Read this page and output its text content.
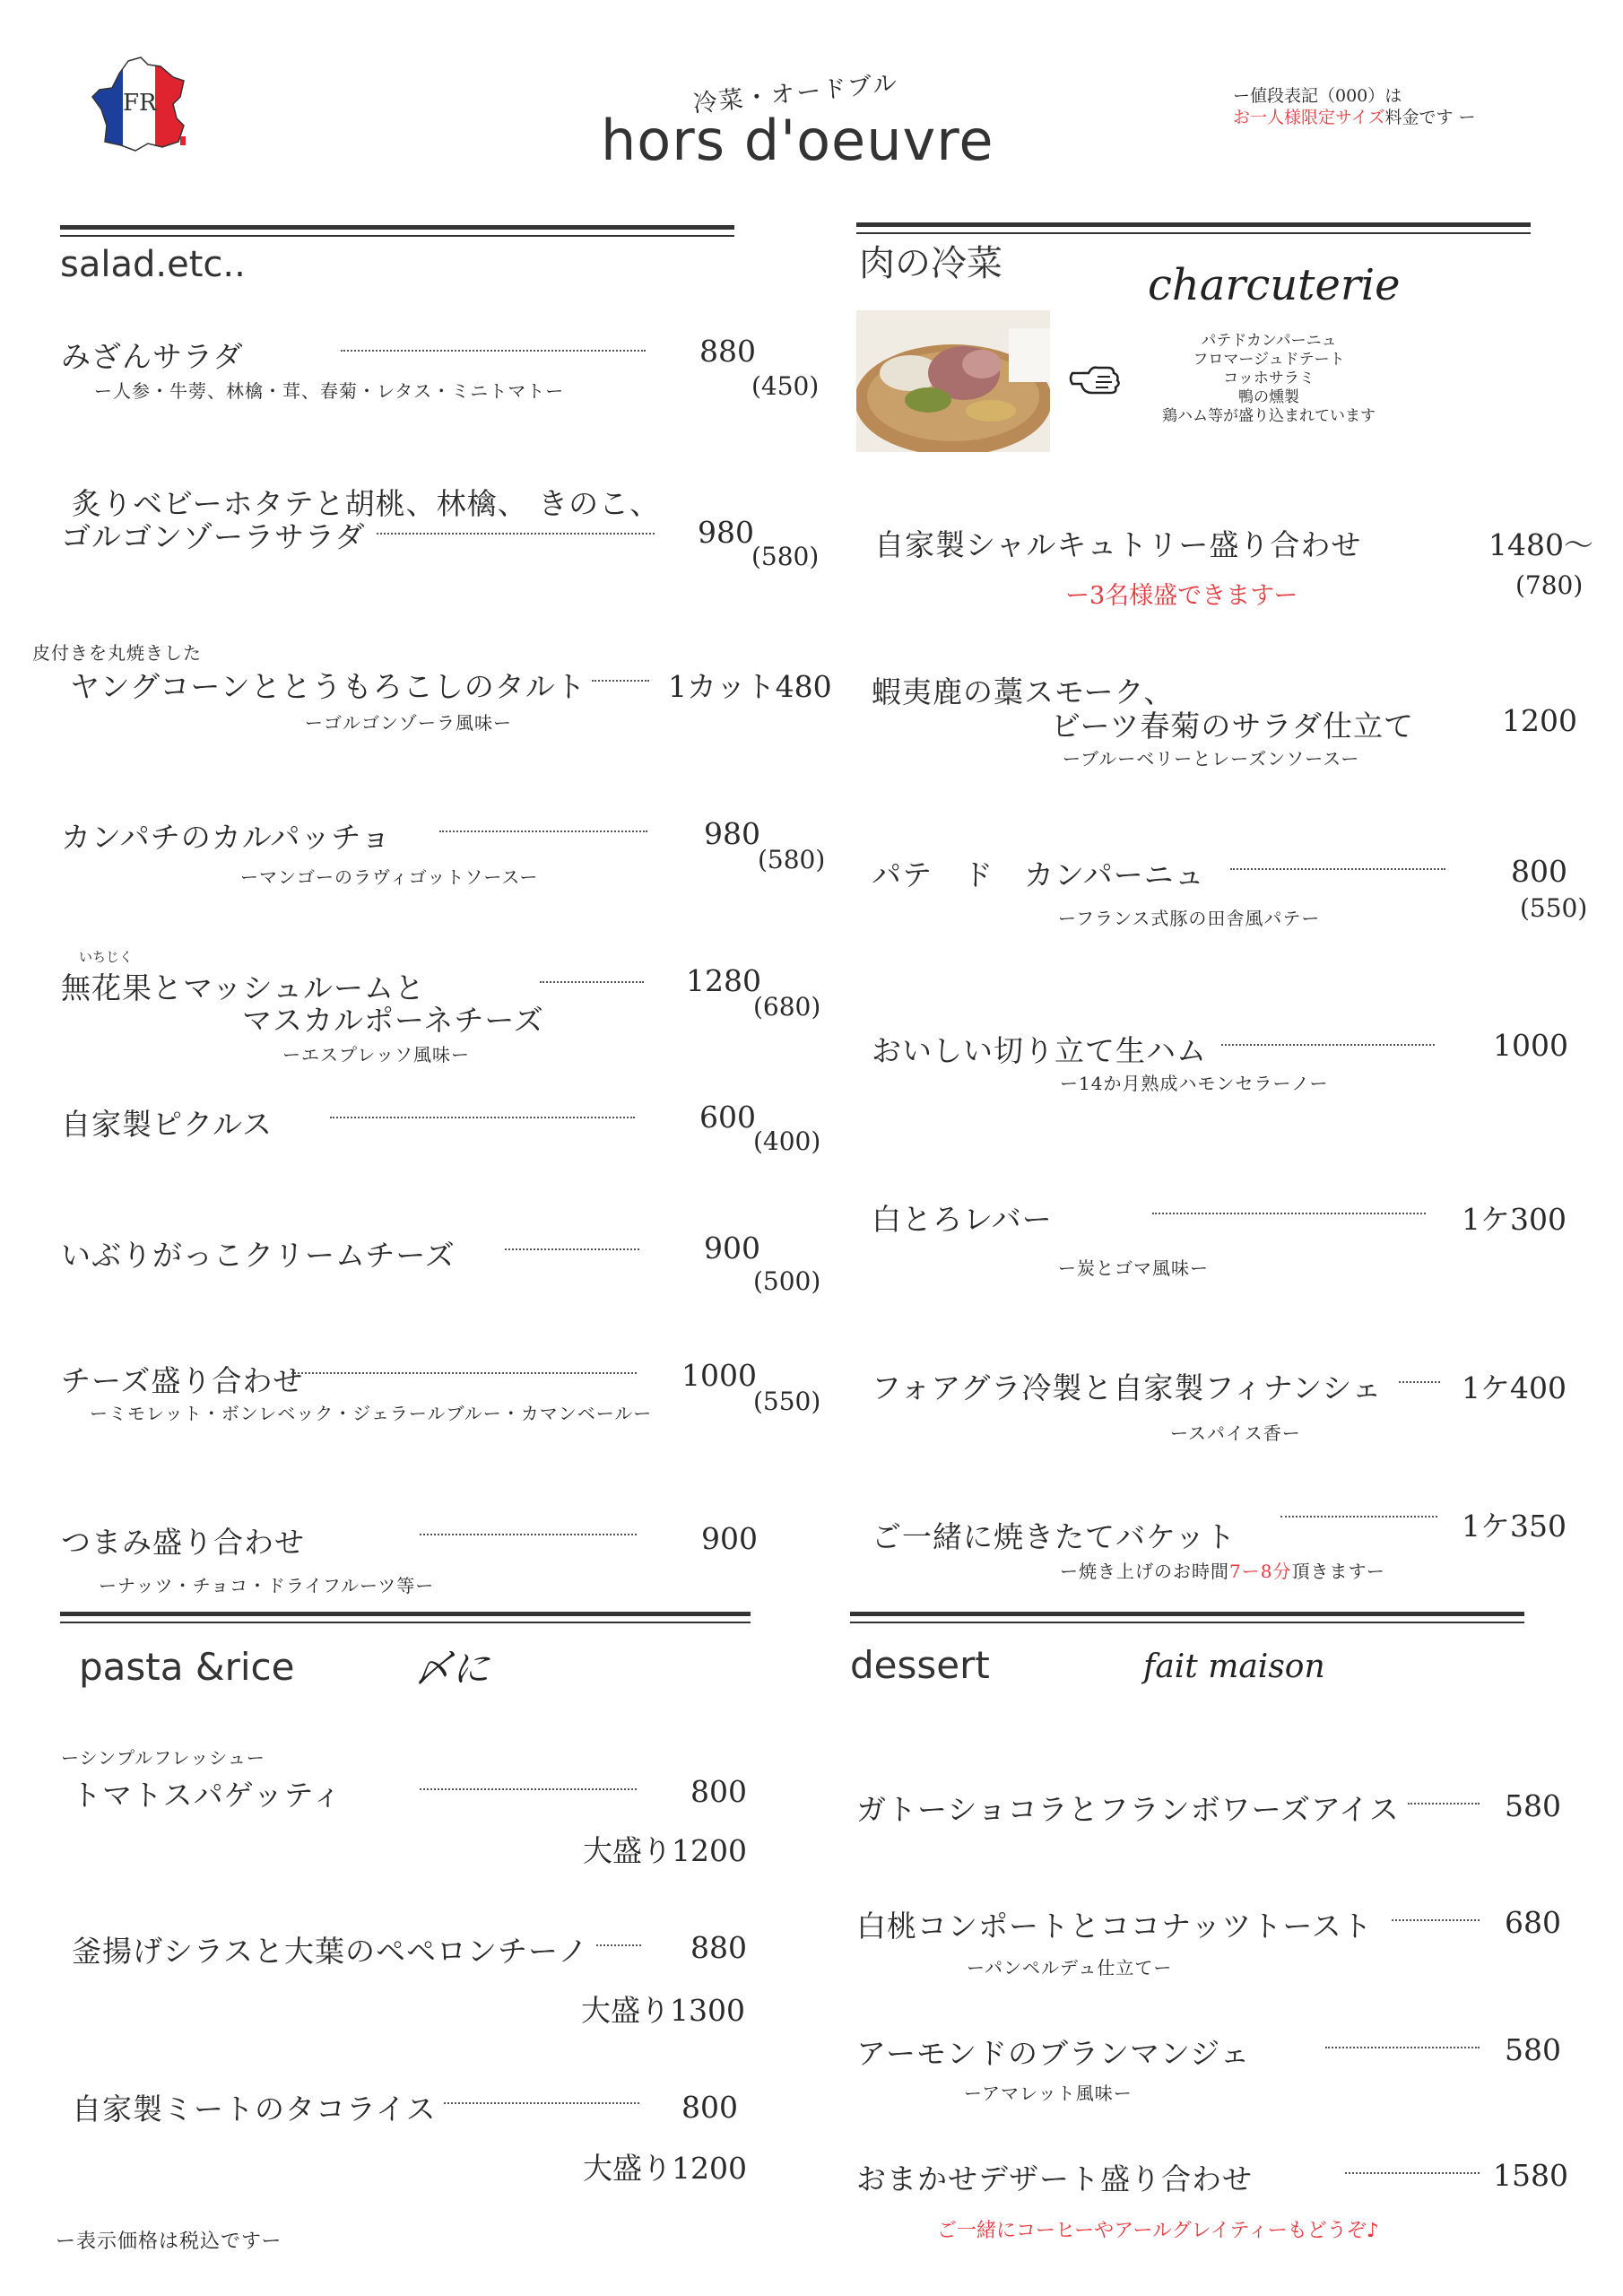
FR	冷菜・オードブル
hors d'oeuvre
ー値段表記（000）は
お一人様限定サイズ料金です ー
salad.etc..
みざんサラダ	880
ー人参・牛蒡、林檎・茸、春菊・レタス・ミニトマトー	(450)
炙りベビーホタテと胡桃、林檎、 きのこ、
ゴルゴンゾーラサラダ	980
(580)
皮付きを丸焼きした
ヤングコーンととうもろこしのタルト	1カット480
ーゴルゴンゾーラ風味ー
カンパチのカルパッチョ	980
ーマンゴーのラヴィゴットソースー
(580)
いちじく
無花果とマッシュルームと	1280
マスカルポーネチーズ	(680)
ーエスプレッソ風味ー
自家製ピクルス	600
(400)
いぶりがっこクリームチーズ	900
(500)
チーズ盛り合わせ	1000
ーミモレット・ボンレベック・ジェラールブルー・カマンベールー	(550)
つまみ盛り合わせ	900
ーナッツ・チョコ・ドライフルーツ等ー
肉の冷菜	charcuterie
パテドカンパーニュ
フロマージュドテート
コッホサラミ
鴨の燻製
鶏ハム等が盛り込まれています
自家製シャルキュトリー盛り合わせ	1480〜
ー3名様盛できますー	(780)
蝦夷鹿の藁スモーク、
ビーツ春菊のサラダ仕立て	1200
ーブルーベリーとレーズンソースー
パテ　ド　カンパーニュ	800
ーフランス式豚の田舎風パテー	(550)
おいしい切り立て生ハム	1000
ー14か月熟成ハモンセラーノー
白とろレバー	1ケ300
ー炭とゴマ風味ー
フォアグラ冷製と自家製フィナンシェ	1ケ400
ースパイス香ー
ご一緒に焼きたてバケット	1ケ350
ー焼き上げのお時間7ー8分頂きますー
pasta &rice	〆に
ーシンプルフレッシュー
トマトスパゲッティ	800
大盛り1200
釜揚げシラスと大葉のペペロンチーノ	880
大盛り1300
自家製ミートのタコライス	800
大盛り1200
ー表示価格は税込ですー
dessert	fait maison
ガトーショコラとフランボワーズアイス	580
白桃コンポートとココナッツトースト	680
ーパンペルデュ仕立てー
アーモンドのブランマンジェ	580
ーアマレット風味ー
おまかせデザート盛り合わせ	1580
ご一緒にコーヒーやアールグレイティーもどうぞ♪
